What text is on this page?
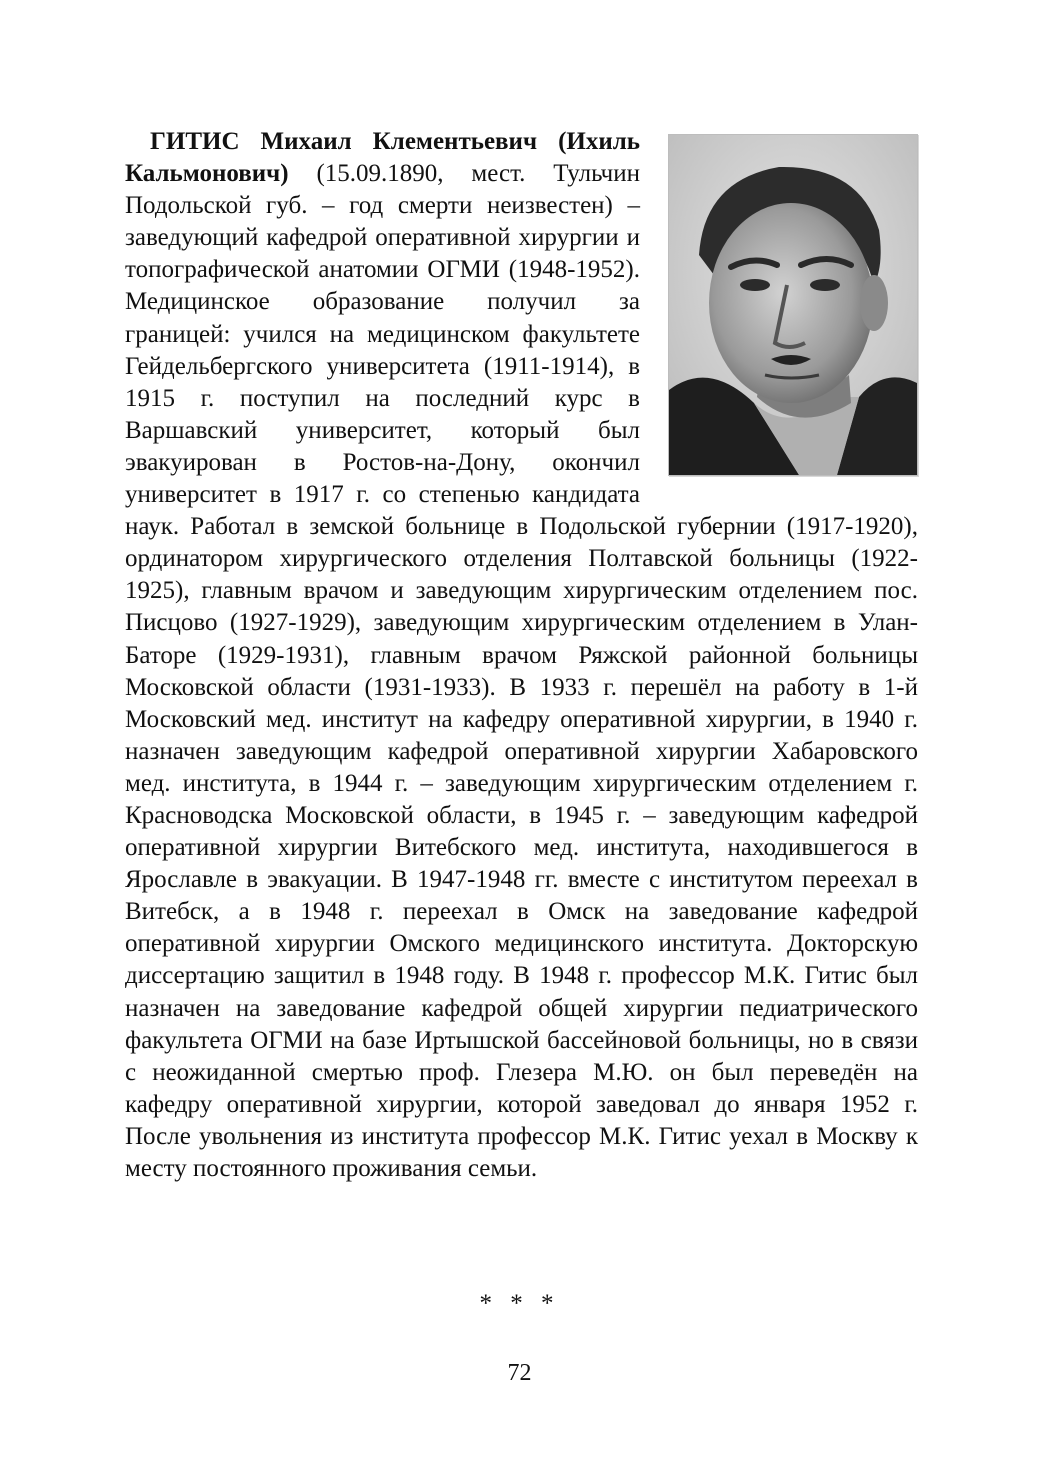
ГИТИС Михаил Клементьевич (Ихиль Кальмонович) (15.09.1890, мест. Тульчин Подольской губ. – год смерти неизвестен) – заведующий кафедрой оперативной хирургии и топографической анатомии ОГМИ (1948-1952). Медицинское образование получил за границей: учился на медицинском факультете Гейдельбергского университета (1911-1914), в 1915 г. поступил на последний курс в Варшавский университет, который был эвакуирован в Ростов-на-Дону, окончил университет в 1917 г. со степенью кандидата наук. Работал в земской больнице в Подольской губернии (1917-1920), ординатором хирургического отделения Полтавской больницы (1922-1925), главным врачом и заведующим хирургическим отделением пос. Писцово (1927-1929), заведующим хирургическим отделением в Улан-Баторе (1929-1931), главным врачом Ряжской районной больницы Московской области (1931-1933). В 1933 г. перешёл на работу в 1-й Московский мед. институт на кафедру оперативной хирургии, в 1940 г. назначен заведующим кафедрой оперативной хирургии Хабаровского мед. института, в 1944 г. – заведующим хирургическим отделением г. Красноводска Московской области, в 1945 г. – заведующим кафедрой оперативной хирургии Витебского мед. института, находившегося в Ярославле в эвакуации. В 1947-1948 гг. вместе с институтом переехал в Витебск, а в 1948 г. переехал в Омск на заведование кафедрой оперативной хирургии Омского медицинского института. Докторскую диссертацию защитил в 1948 году. В 1948 г. профессор М.К. Гитис был назначен на заведование кафедрой общей хирургии педиатрического факультета ОГМИ на базе Иртышской бассейновой больницы, но в связи с неожиданной смертью проф. Глезера М.Ю. он был переведён на кафедру оперативной хирургии, которой заведовал до января 1952 г. После увольнения из института профессор М.К. Гитис уехал в Москву к месту постоянного проживания семьи.

* * *
72
